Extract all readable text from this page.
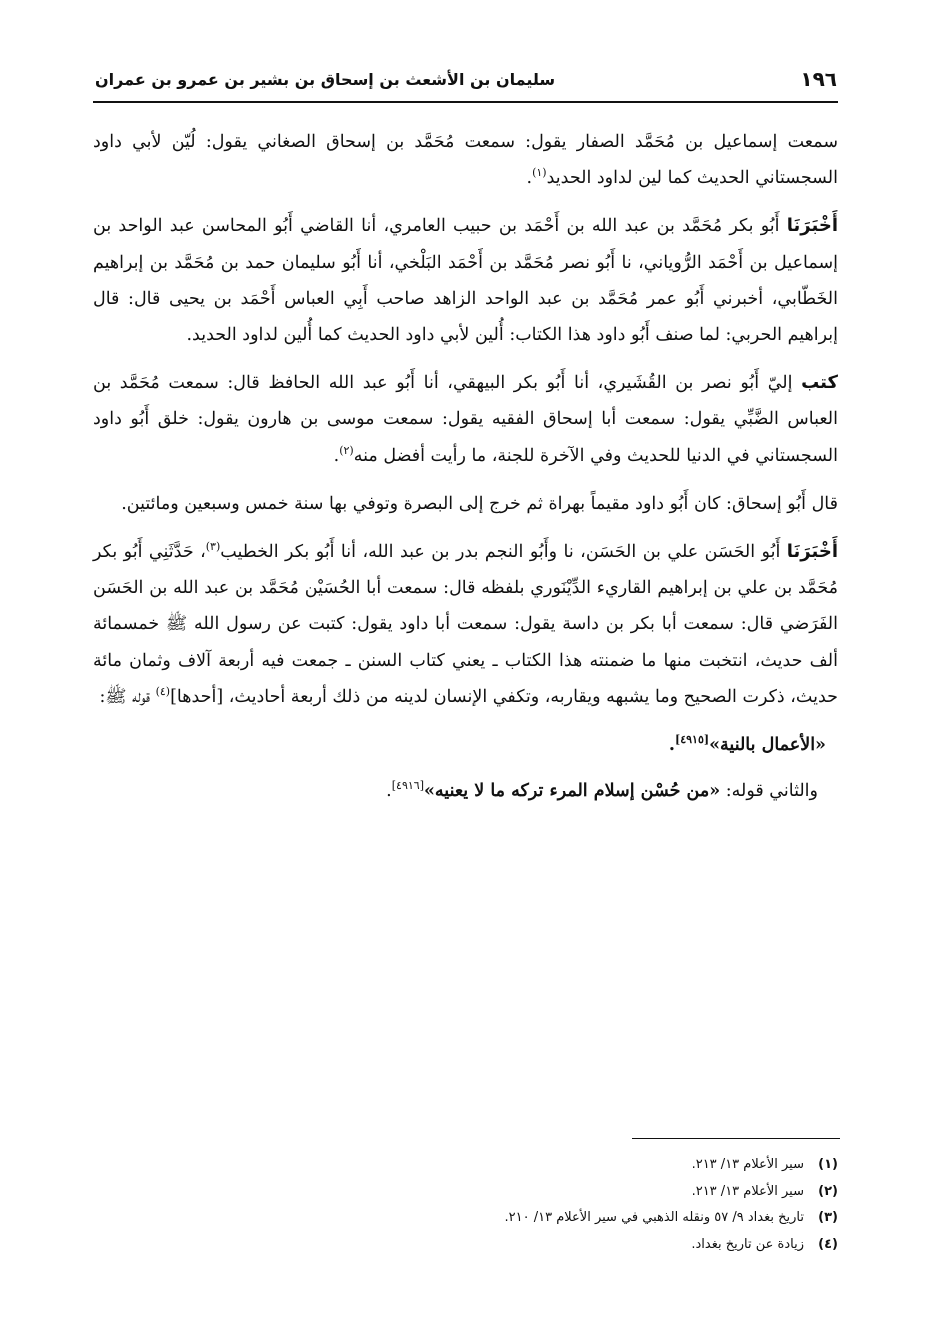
١٩٦
سليمان بن الأشعث بن إسحاق بن بشير بن عمرو بن عمران
سمعت إسماعيل بن مُحَمَّد الصفار يقول: سمعت مُحَمَّد بن إسحاق الصغاني يقول: لُيّن لأبي داود السجستاني الحديث كما لين لداود الحديد$^{(١)}$.
أَخْبَرَنَا أَبُو بكر مُحَمَّد بن عبد الله بن أَحْمَد بن حبيب العامري، أنا القاضي أَبُو المحاسن عبد الواحد بن إسماعيل بن أَحْمَد الرُّوياني، نا أَبُو نصر مُحَمَّد بن أَحْمَد البَلْخي، أنا أَبُو سليمان حمد بن مُحَمَّد بن إبراهيم الخَطّابي، أخبرني أَبُو عمر مُحَمَّد بن عبد الواحد الزاهد صاحب أَبِي العباس أَحْمَد بن يحيى قال: قال إبراهيم الحربي: لما صنف أَبُو داود هذا الكتاب: أُلين لأبي داود الحديث كما أُلين لداود الحديد.
كتب إليّ أَبُو نصر بن القُشَيري، أنا أَبُو بكر البيهقي، أنا أَبُو عبد الله الحافظ قال: سمعت مُحَمَّد بن العباس الضَّبِّي يقول: سمعت أبا إسحاق الفقيه يقول: سمعت موسى بن هارون يقول: خلق أَبُو داود السجستاني في الدنيا للحديث وفي الآخرة للجنة، ما رأيت أفضل منه$^{(٢)}$.
قال أَبُو إسحاق: كان أَبُو داود مقيماً بهراة ثم خرج إلى البصرة وتوفي بها سنة خمس وسبعين ومائتين.
أَخْبَرَنَا أَبُو الحَسَن علي بن الحَسَن، نا وأَبُو النجم بدر بن عبد الله، أنا أَبُو بكر الخطيب$^{(٣)}$، حَدَّثَنِي أَبُو بكر مُحَمَّد بن علي بن إبراهيم القاريء الدِّيْنَوري بلفظه قال: سمعت أبا الحُسَيْن مُحَمَّد بن عبد الله بن الحَسَن الفَرَضي قال: سمعت أبا بكر بن داسة يقول: سمعت أبا داود يقول: كتبت عن رسول الله ﷺ خمسمائة ألف حديث، انتخبت منها ما ضمنته هذا الكتاب ـ يعني كتاب السنن ـ جمعت فيه أربعة آلاف وثمان مائة حديث، ذكرت الصحيح وما يشبهه ويقاربه، وتكفي الإنسان لدينه من ذلك أربعة أحاديث، [أحدها]$^{(٤)}$ قوله ﷺ:
«الأعمال بالنية»[٤٩١٥].
والثاني قوله: «من حُسْن إسلام المرء تركه ما لا يعنيه»[٤٩١٦].
(١)
سير الأعلام ١٣/ ٢١٣.
(٢)
سير الأعلام ١٣/ ٢١٣.
(٣)
تاريخ بغداد ٩/ ٥٧ ونقله الذهبي في سير الأعلام ١٣/ ٢١٠.
(٤)
زيادة عن تاريخ بغداد.
